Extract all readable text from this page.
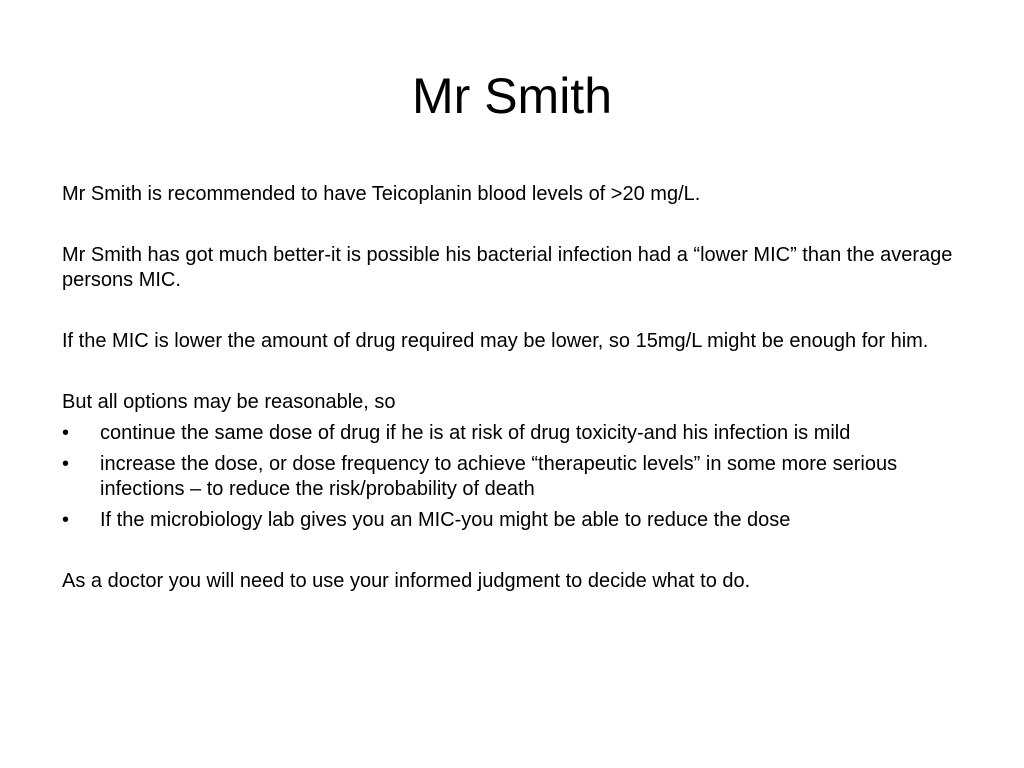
Mr Smith

Mr Smith is recommended to have Teicoplanin blood levels of >20 mg/L.

Mr Smith has got much better-it is possible his bacterial infection had a “lower MIC” than the average persons MIC.

If the MIC is lower the amount of drug required may be lower, so 15mg/L might be enough for him.

But all options may be reasonable, so

• continue the same dose of drug if he is at risk of drug toxicity-and his infection is mild
• increase the dose, or dose frequency to achieve “therapeutic levels” in some more serious infections – to reduce the risk/probability of death
• If the microbiology lab gives you an MIC-you might be able to reduce the dose

As a doctor you will need to use your informed judgment to decide what to do.
